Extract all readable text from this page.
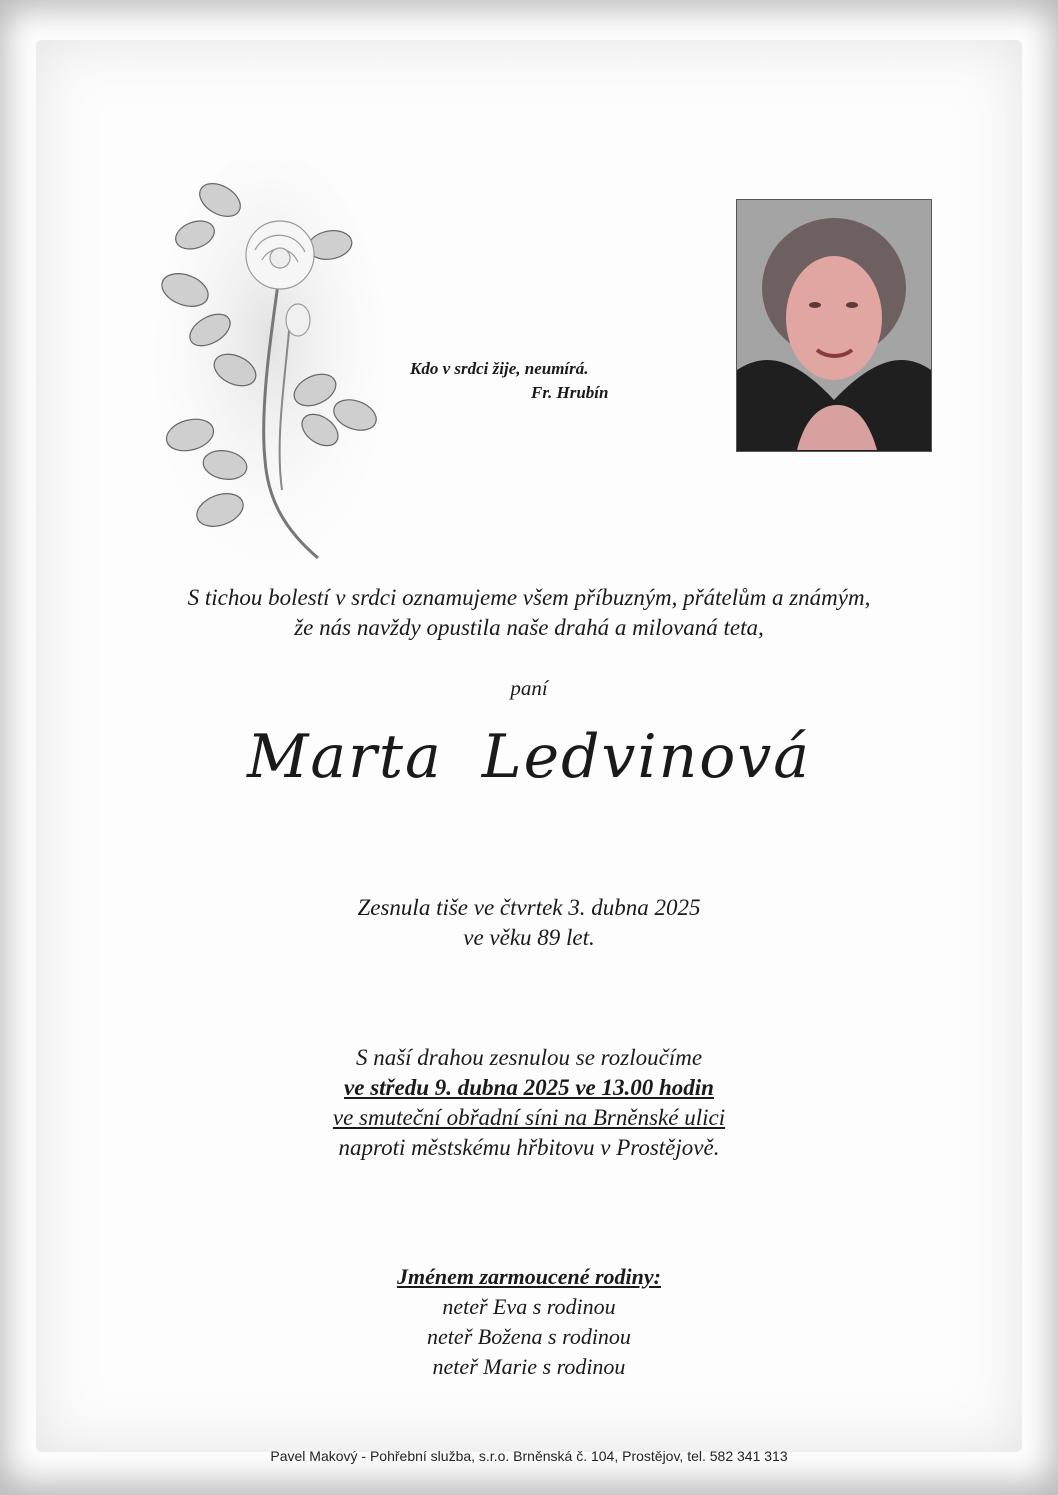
Kdo v srdci žije, neumírá.
Fr. Hrubín
S tichou bolestí v srdci oznamujeme všem příbuzným, přátelům a známým,
že nás navždy opustila naše drahá a milovaná teta,
paní
Marta Ledvinová
Zesnula tiše ve čtvrtek 3. dubna 2025
ve věku 89 let.
S naší drahou zesnulou se rozloučíme
ve středu 9. dubna 2025 ve 13.00 hodin
ve smuteční obřadní síni na Brněnské ulici
naproti městskému hřbitovu v Prostějově.
Jménem zarmoucené rodiny:
neteř Eva s rodinou
neteř Božena s rodinou
neteř Marie s rodinou
Pavel Makový - Pohřební služba, s.r.o. Brněnská č. 104, Prostějov, tel. 582 341 313
